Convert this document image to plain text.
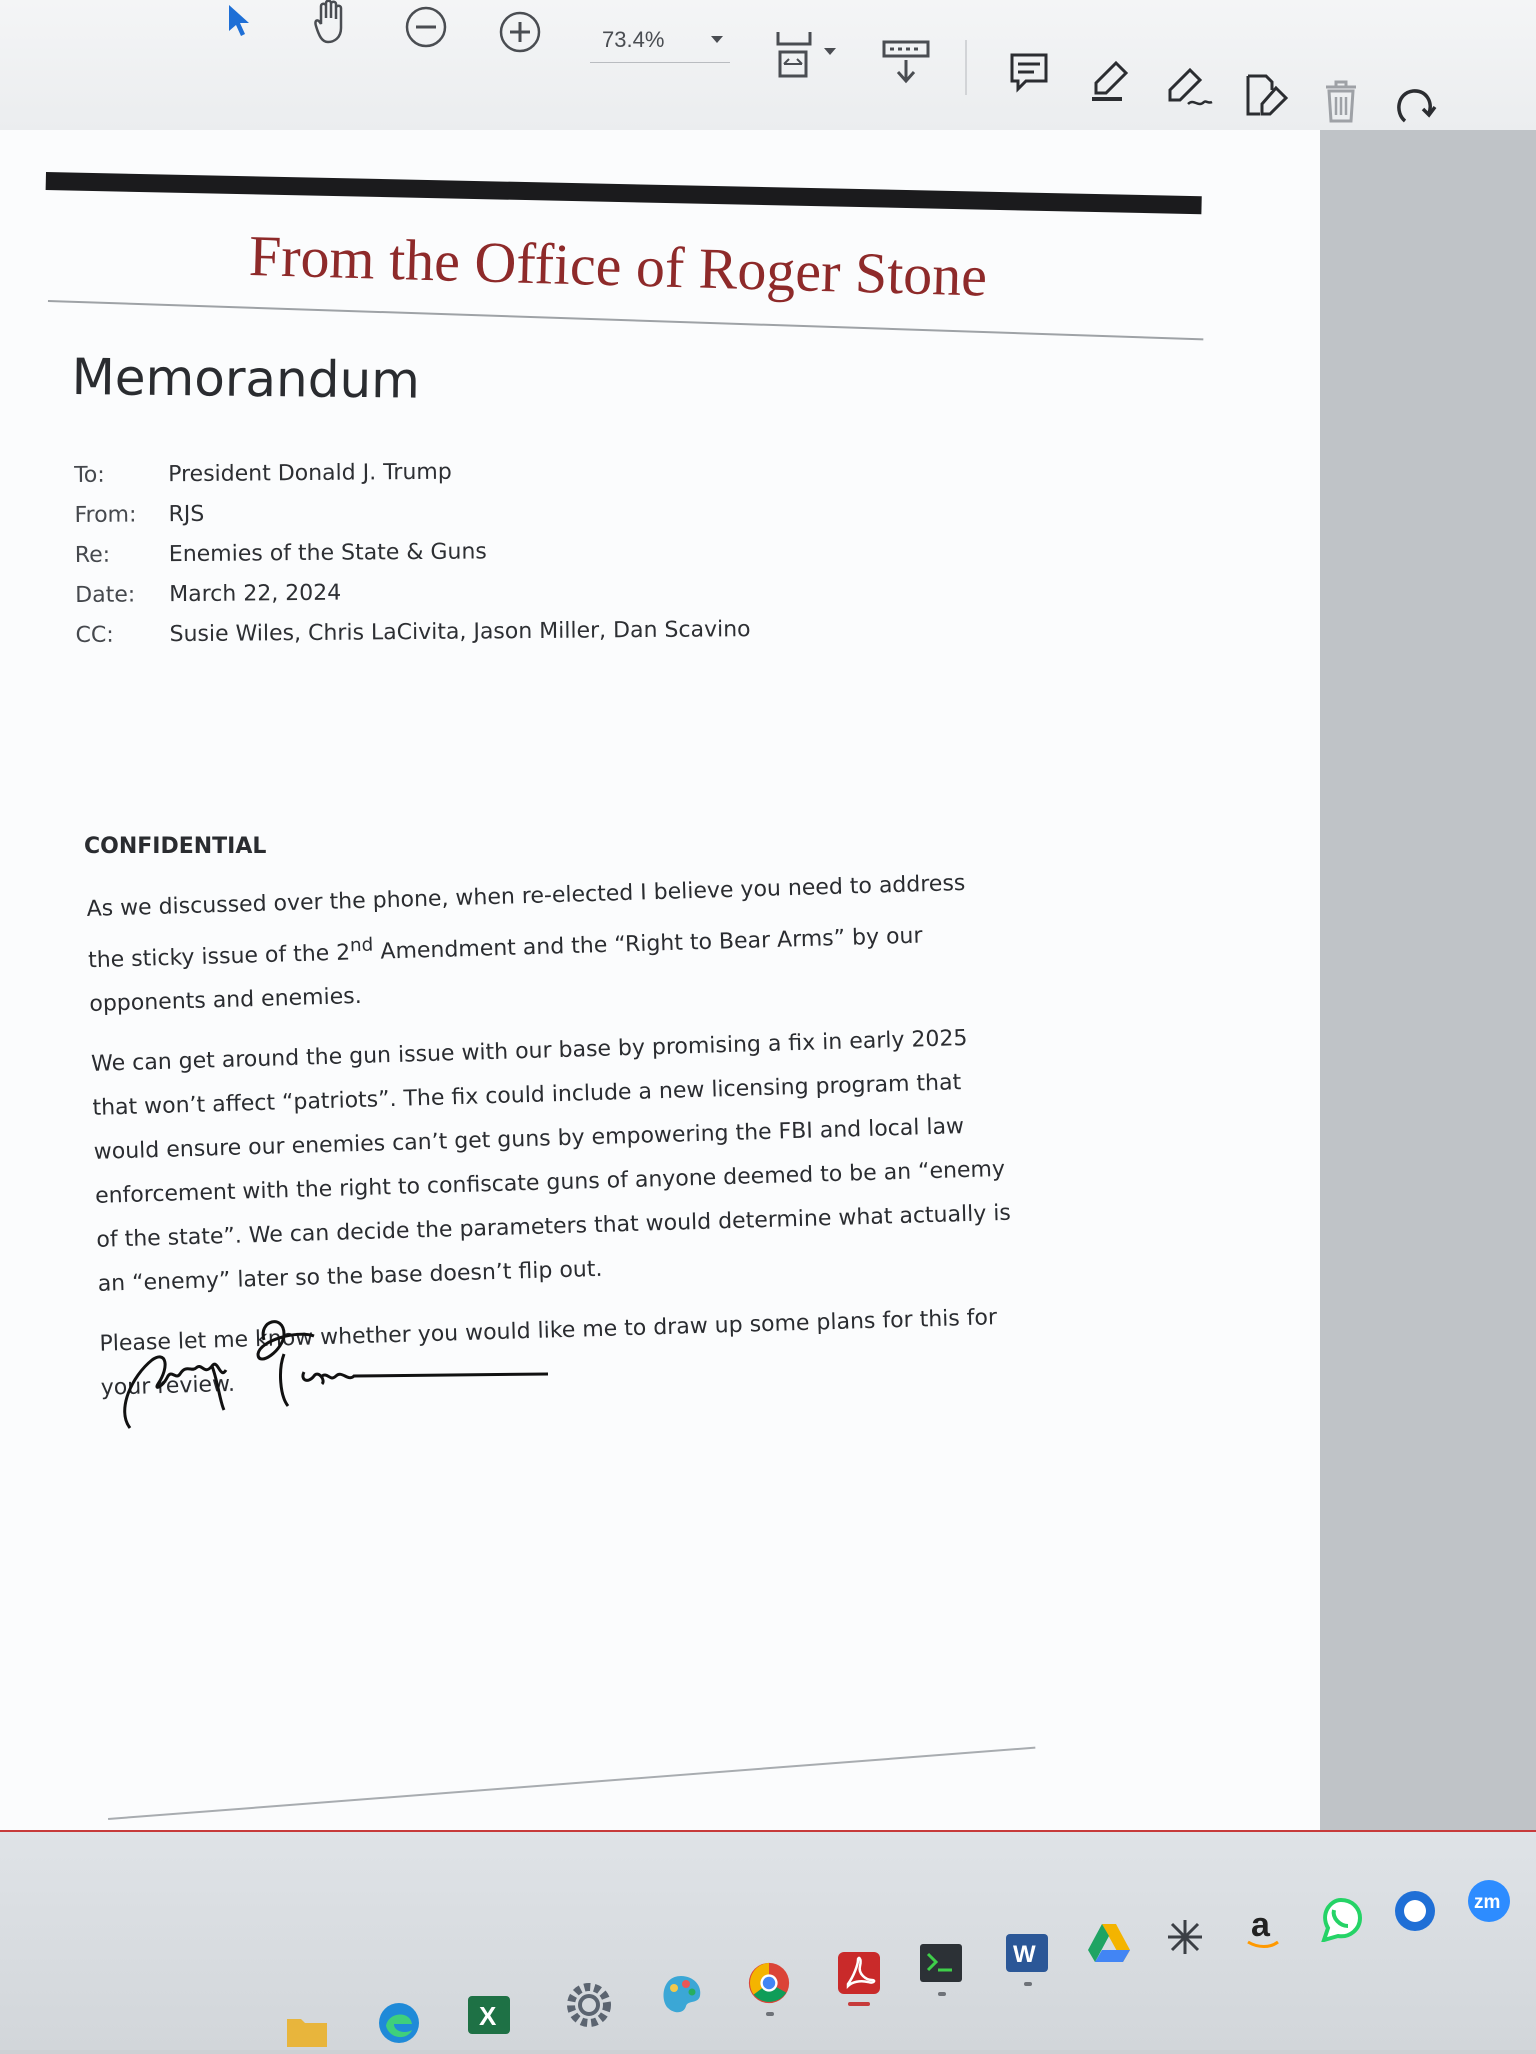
73.4%
From the Office of Roger Stone
Memorandum
To:	President Donald J. Trump
From:	RJS
Re:	Enemies of the State & Guns
Date:	March 22, 2024
CC:	Susie Wiles, Chris LaCivita, Jason Miller, Dan Scavino
CONFIDENTIAL

As we discussed over the phone, when re-elected I believe you need to address the sticky issue of the 2nd Amendment and the “Right to Bear Arms” by our opponents and enemies.

We can get around the gun issue with our base by promising a fix in early 2025 that won’t affect “patriots”. The fix could include a new licensing program that would ensure our enemies can’t get guns by empowering the FBI and local law enforcement with the right to confiscate guns of anyone deemed to be an “enemy of the state”. We can decide the parameters that would determine what actually is an “enemy” later so the base doesn’t flip out.

Please let me know whether you would like me to draw up some plans for this for your review.

X
W
a
zm
